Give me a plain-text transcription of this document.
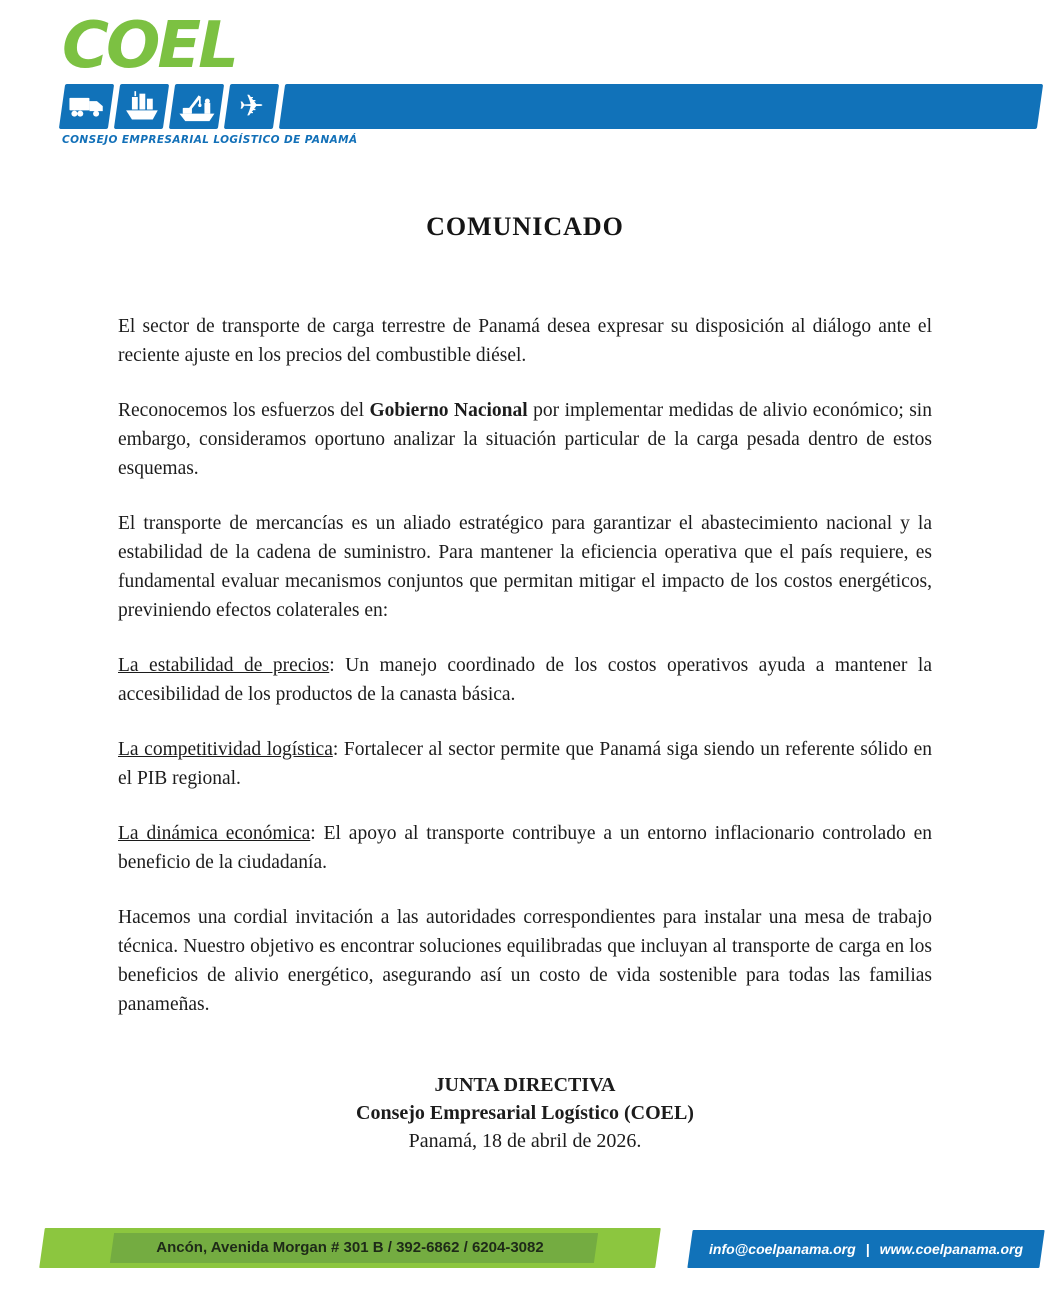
COEL
✈
CONSEJO EMPRESARIAL LOGÍSTICO DE PANAMÁ
COMUNICADO

El sector de transporte de carga terrestre de Panamá desea expresar su disposición al diálogo ante el reciente ajuste en los precios del combustible diésel.

Reconocemos los esfuerzos del Gobierno Nacional por implementar medidas de alivio económico; sin embargo, consideramos oportuno analizar la situación particular de la carga pesada dentro de estos esquemas.

El transporte de mercancías es un aliado estratégico para garantizar el abastecimiento nacional y la estabilidad de la cadena de suministro. Para mantener la eficiencia operativa que el país requiere, es fundamental evaluar mecanismos conjuntos que permitan mitigar el impacto de los costos energéticos, previniendo efectos colaterales en:

La estabilidad de precios: Un manejo coordinado de los costos operativos ayuda a mantener la accesibilidad de los productos de la canasta básica.

La competitividad logística: Fortalecer al sector permite que Panamá siga siendo un referente sólido en el PIB regional.

La dinámica económica: El apoyo al transporte contribuye a un entorno inflacionario controlado en beneficio de la ciudadanía.

Hacemos una cordial invitación a las autoridades correspondientes para instalar una mesa de trabajo técnica. Nuestro objetivo es encontrar soluciones equilibradas que incluyan al transporte de carga en los beneficios de alivio energético, asegurando así un costo de vida sostenible para todas las familias panameñas.

JUNTA DIRECTIVA
Consejo Empresarial Logístico (COEL)
Panamá, 18 de abril de 2026.
Ancón, Avenida Morgan # 301 B / 392-6862 / 6204-3082	info@coelpanama.org | www.coelpanama.org
